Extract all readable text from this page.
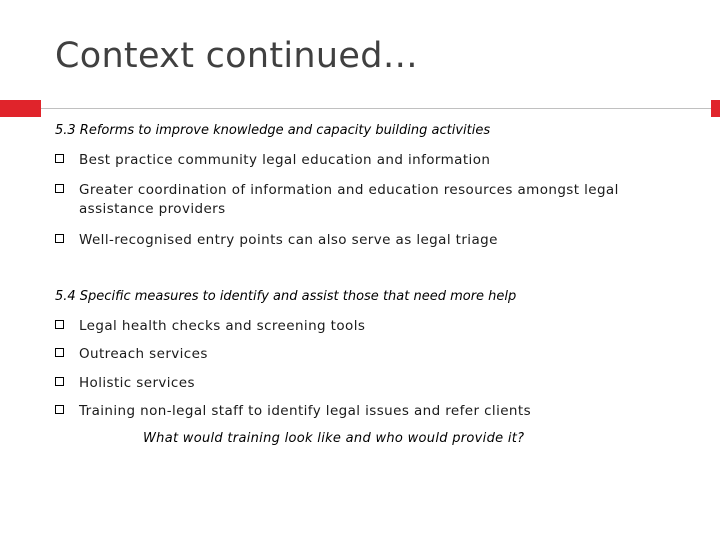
Context continued…
5.3 Reforms to improve knowledge and capacity building activities
Best practice community legal education and information
Greater coordination of information and education resources amongst legal assistance providers
Well-recognised entry points can also serve as legal triage
5.4 Specific measures to identify and assist those that need more help
Legal health checks and screening tools
Outreach services
Holistic services
Training non-legal staff to identify legal issues and refer clients
What would training look like and who would provide it?
